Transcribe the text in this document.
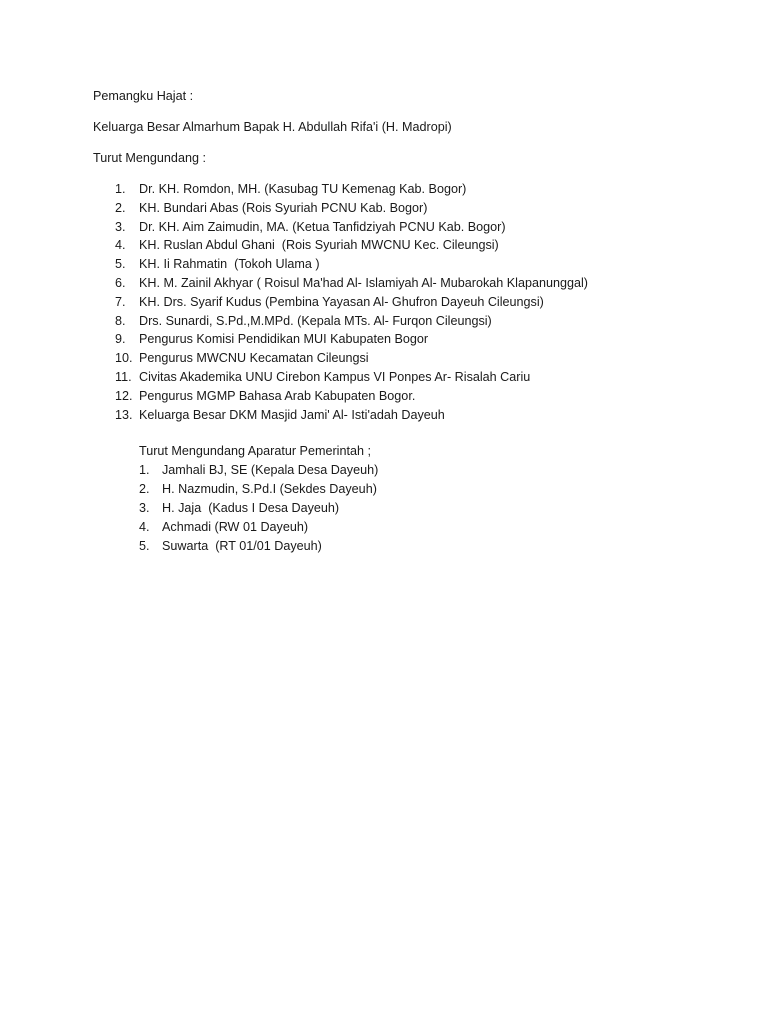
Pemangku Hajat :
Keluarga Besar Almarhum Bapak H. Abdullah Rifa'i (H. Madropi)
Turut Mengundang :
1. Dr. KH. Romdon, MH. (Kasubag TU Kemenag Kab. Bogor)
2. KH. Bundari Abas (Rois Syuriah PCNU Kab. Bogor)
3. Dr. KH. Aim Zaimudin, MA. (Ketua Tanfidziyah PCNU Kab. Bogor)
4. KH. Ruslan Abdul Ghani  (Rois Syuriah MWCNU Kec. Cileungsi)
5. KH. Ii Rahmatin  (Tokoh Ulama )
6. KH. M. Zainil Akhyar ( Roisul Ma'had Al- Islamiyah Al- Mubarokah Klapanunggal)
7. KH. Drs. Syarif Kudus (Pembina Yayasan Al- Ghufron Dayeuh Cileungsi)
8. Drs. Sunardi, S.Pd.,M.MPd. (Kepala MTs. Al- Furqon Cileungsi)
9. Pengurus Komisi Pendidikan MUI Kabupaten Bogor
10. Pengurus MWCNU Kecamatan Cileungsi
11. Civitas Akademika UNU Cirebon Kampus VI Ponpes Ar- Risalah Cariu
12. Pengurus MGMP Bahasa Arab Kabupaten Bogor.
13. Keluarga Besar DKM Masjid Jami' Al- Isti'adah Dayeuh
Turut Mengundang Aparatur Pemerintah ;
1. Jamhali BJ, SE (Kepala Desa Dayeuh)
2. H. Nazmudin, S.Pd.I (Sekdes Dayeuh)
3. H. Jaja  (Kadus I Desa Dayeuh)
4. Achmadi (RW 01 Dayeuh)
5. Suwarta  (RT 01/01 Dayeuh)
